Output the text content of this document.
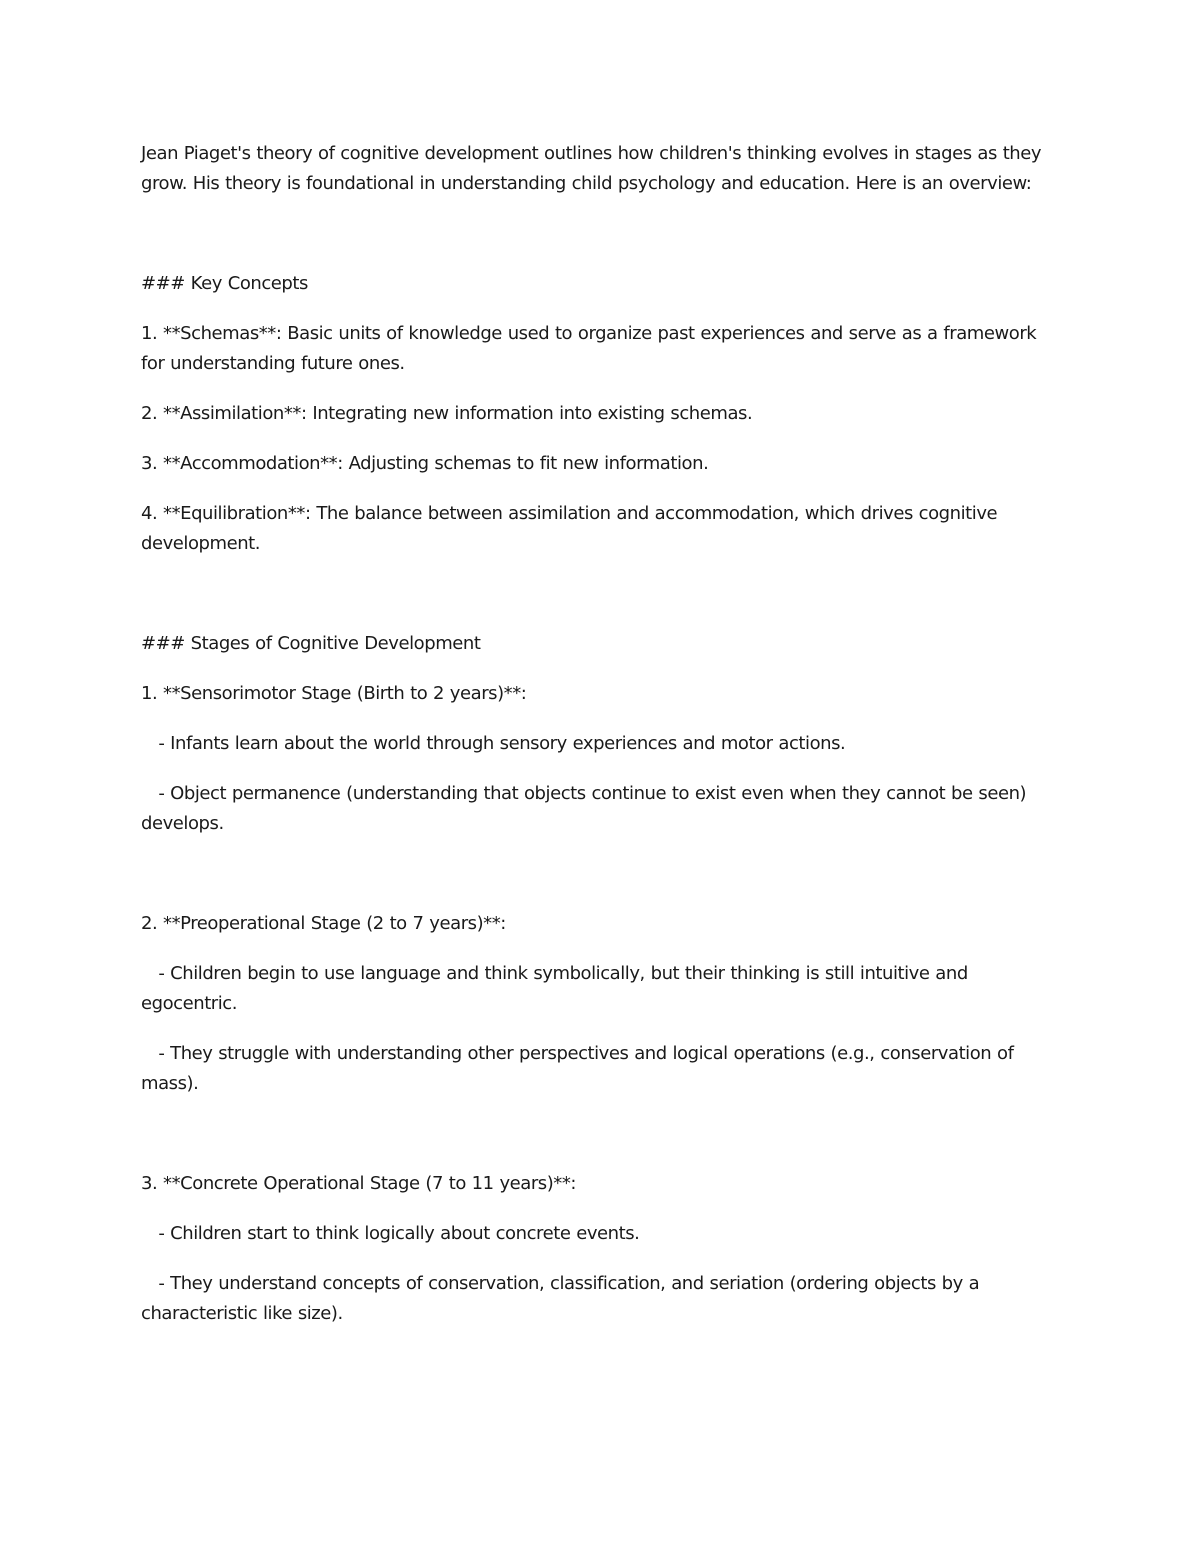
Jean Piaget's theory of cognitive development outlines how children's thinking evolves in stages as they grow. His theory is foundational in understanding child psychology and education. Here is an overview:

### Key Concepts

1. **Schemas**: Basic units of knowledge used to organize past experiences and serve as a framework for understanding future ones.

2. **Assimilation**: Integrating new information into existing schemas.

3. **Accommodation**: Adjusting schemas to fit new information.

4. **Equilibration**: The balance between assimilation and accommodation, which drives cognitive development.

### Stages of Cognitive Development

1. **Sensorimotor Stage (Birth to 2 years)**:

- Infants learn about the world through sensory experiences and motor actions.

- Object permanence (understanding that objects continue to exist even when they cannot be seen) develops.

2. **Preoperational Stage (2 to 7 years)**:

- Children begin to use language and think symbolically, but their thinking is still intuitive and egocentric.

- They struggle with understanding other perspectives and logical operations (e.g., conservation of mass).

3. **Concrete Operational Stage (7 to 11 years)**:

- Children start to think logically about concrete events.

- They understand concepts of conservation, classification, and seriation (ordering objects by a characteristic like size).
